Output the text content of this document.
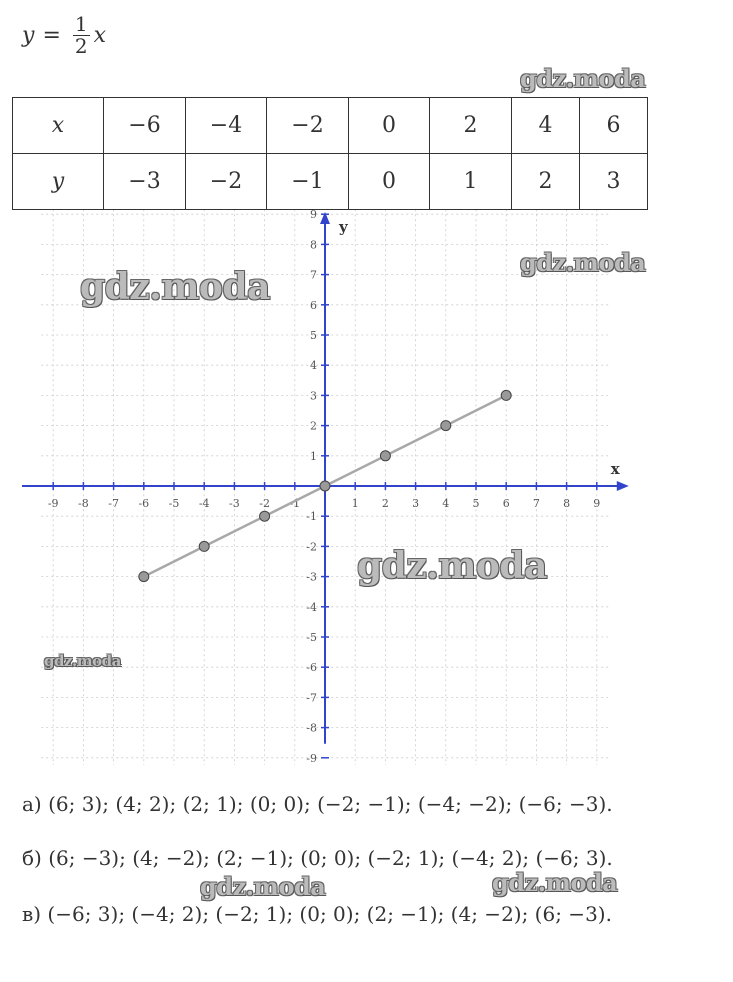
$y = \frac{1}{2}$ x
x	−6	−4	−2	0	2	4	6
y	−3	−2	−1	0	1	2	3
x
y
-9 -8 -7 -6 -5 -4 -3 -2 -1	1 2 3 4 5 6 7 8 9
9
8
7
6
5
4
3
2
1
-1
-2
-3
-4
-5
-6
-7
-8
-9
gdz.moda
gdz.moda
gdz.moda
gdz.moda
gdz.moda
gdz.moda	gdz.moda
а) (6; 3); (4; 2); (2; 1); (0; 0); (−2; −1); (−4; −2); (−6; −3).
б) (6; −3); (4; −2); (2; −1); (0; 0); (−2; 1); (−4; 2); (−6; 3).
в) (−6; 3); (−4; 2); (−2; 1); (0; 0); (2; −1); (4; −2); (6; −3).
